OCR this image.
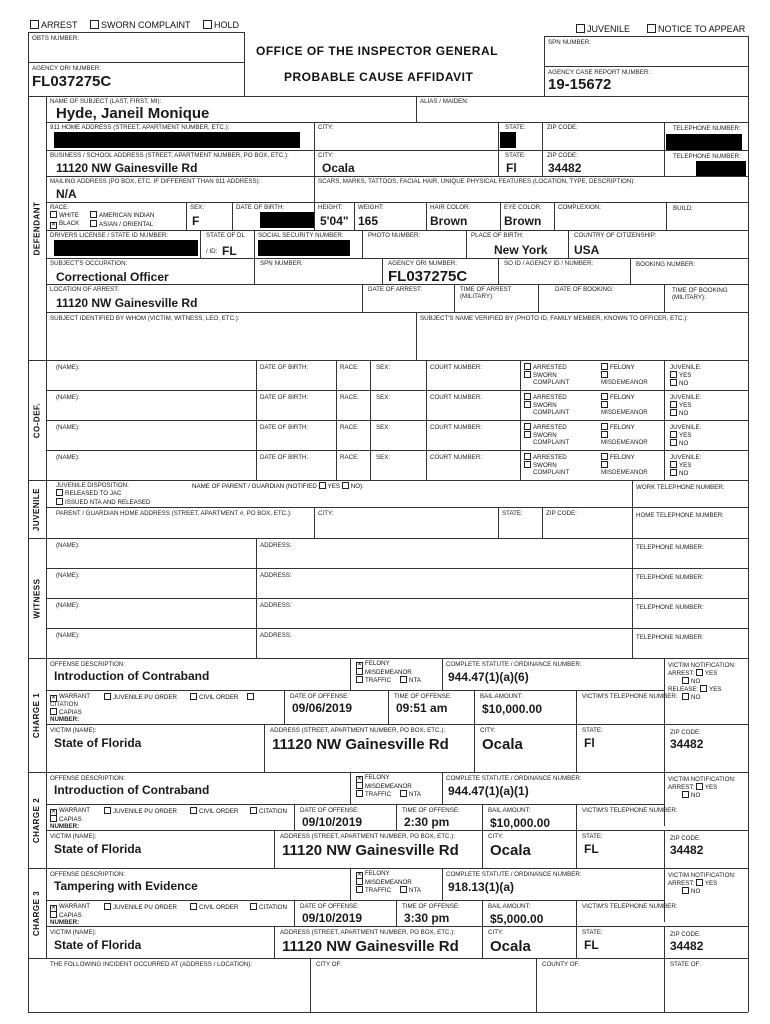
ARREST	SWORN COMPLAINT	HOLD	JUVENILE	NOTICE TO APPEAR
OBTS NUMBER:
SPN NUMBER:
OFFICE OF THE INSPECTOR GENERAL
PROBABLE CAUSE AFFIDAVIT
AGENCY ORI NUMBER:
FL037275C
AGENCY CASE REPORT NUMBER:
19-15672
DEFENDANT
NAME OF SUBJECT (LAST, FIRST, MI):
Hyde, Janeil Monique
ALIAS / MAIDEN:
911 HOME ADDRESS (STREET, APARTMENT NUMBER, ETC.):	CITY:	STATE:	ZIP CODE:	TELEPHONE NUMBER:
BUSINESS / SCHOOL ADDRESS (STREET, APARTMENT NUMBER, PO BOX, ETC.):
11120 NW Gainesville Rd
CITY:
Ocala
STATE:
Fl
ZIP CODE:
34482
TELEPHONE NUMBER:
MAILING ADDRESS (PO BOX, ETC. IF DIFFERENT THAN 911 ADDRESS):
N/A
SCARS, MARKS, TATTOOS, FACIAL HAIR, UNIQUE PHYSICAL FEATURES (LOCATION, TYPE, DESCRIPTION):
RACE:
WHITE	AMERICAN INDIAN
✕ BLACK	ASIAN / ORIENTAL
SEX:
F
DATE OF BIRTH:	HEIGHT:
5'04"
WEIGHT:
165
HAIR COLOR:
Brown
EYE COLOR:
Brown
COMPLEXION:	BUILD:
DRIVERS LICENSE / STATE ID NUMBER:	STATE OF DL
/ ID: FL
SOCIAL SECURITY NUMBER:	PHOTO NUMBER:	PLACE OF BIRTH:
New York
COUNTRY OF CITIZENSHIP:
USA
SUBJECT'S OCCUPATION:
Correctional Officer
SPN NUMBER:	AGENCY ORI NUMBER:
FL037275C
SO ID / AGENCY ID / NUMBER:	BOOKING NUMBER:
LOCATION OF ARREST:
11120 NW Gainesville Rd
DATE OF ARREST:	TIME OF ARREST (MILITARY):
DATE OF BOOKING:	TIME OF BOOKING (MILITARY):
SUBJECT IDENTIFIED BY WHOM (VICTIM, WITNESS, LEO, ETC.):	SUBJECT'S NAME VERIFIED BY (PHOTO ID, FAMILY MEMBER, KNOWN TO OFFICER, ETC.):
CO-DEF.
(NAME):	DATE OF BIRTH:	RACE:	SEX:	COURT NUMBER:	ARRESTED
SWORN
COMPLAINT
FELONY
MISDEMEANOR
JUVENILE:
YES
NO
(NAME):	DATE OF BIRTH:	RACE:	SEX:	COURT NUMBER:	ARRESTED
SWORN
COMPLAINT
FELONY
MISDEMEANOR
JUVENILE:
YES
NO
(NAME):	DATE OF BIRTH:	RACE:	SEX:	COURT NUMBER:	ARRESTED
SWORN
COMPLAINT
FELONY
MISDEMEANOR
JUVENILE:
YES
NO
(NAME):	DATE OF BIRTH:	RACE:	SEX:	COURT NUMBER:	ARRESTED
SWORN
COMPLAINT
FELONY
MISDEMEANOR
JUVENILE:
YES
NO
JUVENILE
JUVENILE DISPOSITION:
RELEASED TO JAC
ISSUED NTA AND RELEASED
NAME OF PARENT / GUARDIAN (NOTIFIED YES NO):	WORK TELEPHONE NUMBER:
PARENT / GUARDIAN HOME ADDRESS (STREET, APARTMENT #, PO BOX, ETC.):	CITY:	STATE:	ZIP CODE:	HOME TELEPHONE NUMBER:
WITNESS
(NAME):	ADDRESS:	TELEPHONE NUMBER:
(NAME):	ADDRESS:	TELEPHONE NUMBER:
(NAME):	ADDRESS:	TELEPHONE NUMBER:
(NAME):	ADDRESS:	TELEPHONE NUMBER:
CHARGE 1
OFFENSE DESCRIPTION:
Introduction of Contraband
✕ FELONY
MISDEMEANOR
TRAFFIC	NTA
COMPLETE STATUTE / ORDINANCE NUMBER:
944.47(1)(a)(6)
VICTIM NOTIFICATION:
ARREST: YES
NO
RELEASE: YES
NO
✕ WARRANT	JUVENILE PU ORDER	CIVIL ORDER
CITATION
CAPIAS
NUMBER:
DATE OF OFFENSE:
09/06/2019
TIME OF OFFENSE:
09:51 am
BAIL AMOUNT:
$10,000.00
VICTIM'S TELEPHONE NUMBER:
VICTIM (NAME):
State of Florida
ADDRESS (STREET, APARTMENT NUMBER, PO BOX, ETC.):
11120 NW Gainesville Rd
CITY:
Ocala
STATE:
Fl
ZIP CODE:
34482
CHARGE 2
OFFENSE DESCRIPTION:
Introduction of Contraband
✕ FELONY
MISDEMEANOR
TRAFFIC	NTA
COMPLETE STATUTE / ORDINANCE NUMBER:
944.47(1)(a)(1)
VICTIM NOTIFICATION:
ARREST: YES
NO
✕ WARRANT	JUVENILE PU ORDER	CIVIL ORDER	CITATION
CAPIAS
NUMBER:
DATE OF OFFENSE:
09/10/2019
TIME OF OFFENSE:
2:30 pm
BAIL AMOUNT:
$10,000.00
VICTIM'S TELEPHONE NUMBER:
VICTIM (NAME):
State of Florida
ADDRESS (STREET, APARTMENT NUMBER, PO BOX, ETC.):
11120 NW Gainesville Rd
CITY:
Ocala
STATE:
FL
ZIP CODE:
34482
CHARGE 3
OFFENSE DESCRIPTION:
Tampering with Evidence
✕ FELONY
MISDEMEANOR
TRAFFIC	NTA
COMPLETE STATUTE / ORDINANCE NUMBER:
918.13(1)(a)
VICTIM NOTIFICATION:
ARREST: YES
NO
✕ WARRANT	JUVENILE PU ORDER	CIVIL ORDER	CITATION
CAPIAS
NUMBER:
DATE OF OFFENSE:
09/10/2019
TIME OF OFFENSE:
3:30 pm
BAIL AMOUNT:
$5,000.00
VICTIM'S TELEPHONE NUMBER:
VICTIM (NAME):
State of Florida
ADDRESS (STREET, APARTMENT NUMBER, PO BOX, ETC.):
11120 NW Gainesville Rd
CITY:
Ocala
STATE:
FL
ZIP CODE:
34482
THE FOLLOWING INCIDENT OCCURRED AT (ADDRESS / LOCATION):	CITY OF:	COUNTY OF:	STATE OF:
